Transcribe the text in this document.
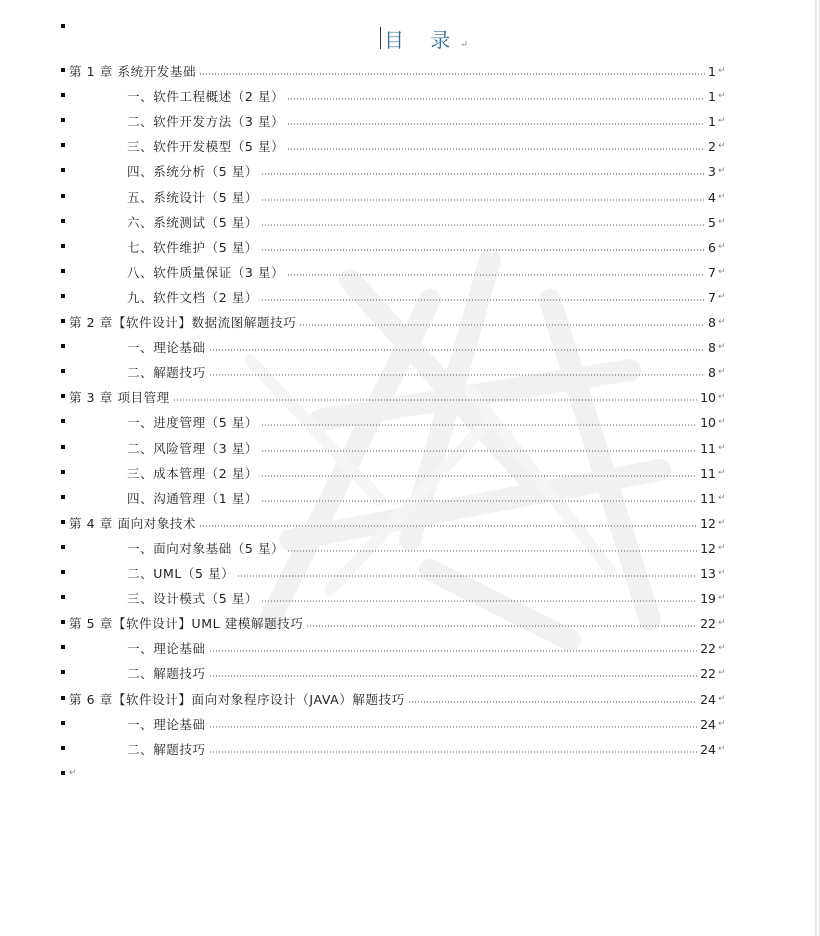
目 录↵
第 1 章 系统开发基础	1 ↵
一、软件工程概述（2 星）	1 ↵
二、软件开发方法（3 星）	1 ↵
三、软件开发模型（5 星）	2 ↵
四、系统分析（5 星）	3 ↵
五、系统设计（5 星）	4 ↵
六、系统测试（5 星）	5 ↵
七、软件维护（5 星）	6 ↵
八、软件质量保证（3 星）	7 ↵
九、软件文档（2 星）	7 ↵
第 2 章【软件设计】数据流图解题技巧	8 ↵
一、理论基础	8 ↵
二、解题技巧	8 ↵
第 3 章 项目管理	10 ↵
一、进度管理（5 星）	10 ↵
二、风险管理（3 星）	11 ↵
三、成本管理（2 星）	11 ↵
四、沟通管理（1 星）	11 ↵
第 4 章 面向对象技术	12 ↵
一、面向对象基础（5 星）	12 ↵
二、UML（5 星）	13 ↵
三、设计模式（5 星）	19 ↵
第 5 章【软件设计】UML 建模解题技巧	22 ↵
一、理论基础	22 ↵
二、解题技巧	22 ↵
第 6 章【软件设计】面向对象程序设计（JAVA）解题技巧	24 ↵
一、理论基础	24 ↵
二、解题技巧	24 ↵
↵
